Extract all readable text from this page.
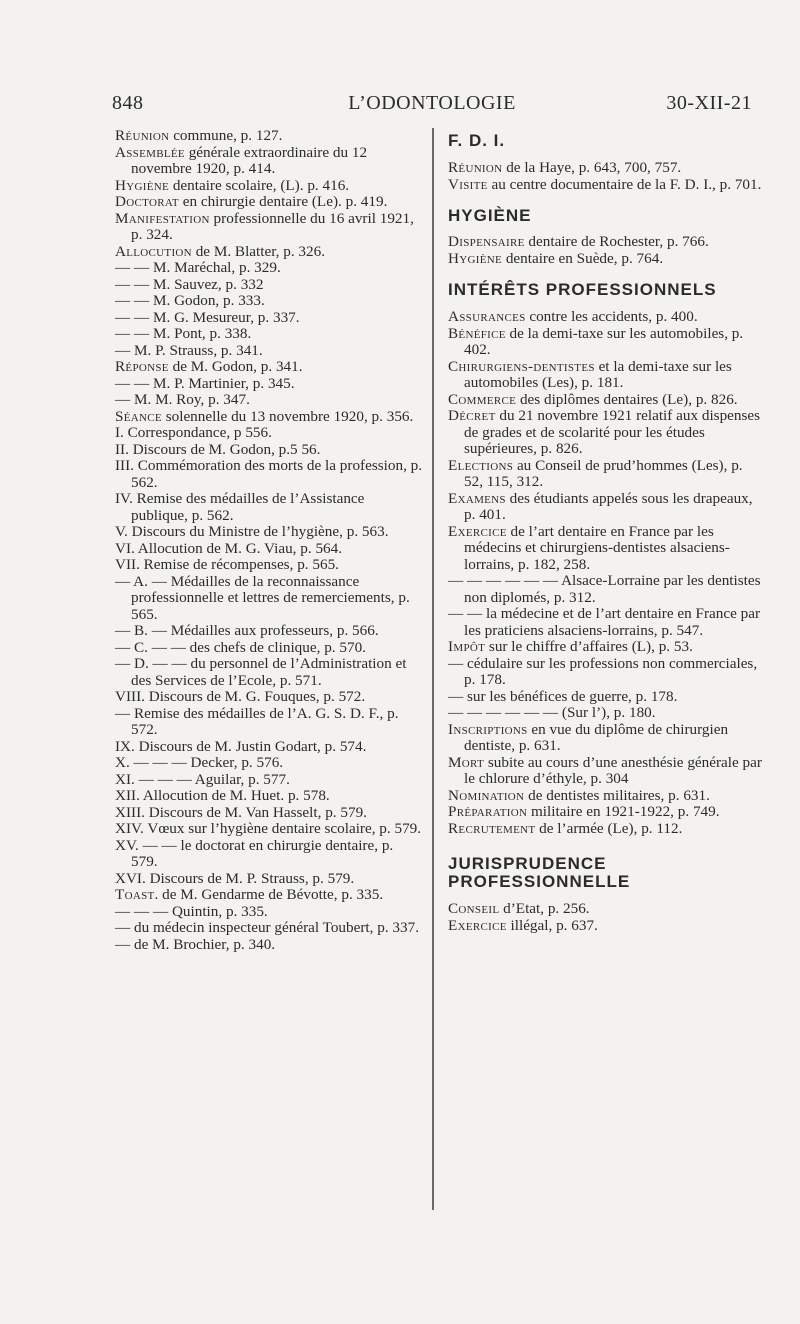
848	L’ODONTOLOGIE	30-XII-21

Réunion commune, p. 127.

Assemblée générale extraordinaire du 12 novembre 1920, p. 414.

Hygiène dentaire scolaire, (L). p. 416.

Doctorat en chirurgie dentaire (Le). p. 419.

Manifestation professionnelle du 16 avril 1921, p. 324.

Allocution de M. Blatter, p. 326.

— — M. Maréchal, p. 329.

— — M. Sauvez, p. 332

— — M. Godon, p. 333.

— — M. G. Mesureur, p. 337.

— — M. Pont, p. 338.

— M. P. Strauss, p. 341.

Réponse de M. Godon, p. 341.

— — M. P. Martinier, p. 345.

— M. M. Roy, p. 347.

Séance solennelle du 13 novembre 1920, p. 356.

I. Correspondance, p 556.

II. Discours de M. Godon, p.5 56.

III. Commémoration des morts de la profession, p. 562.

IV. Remise des médailles de l’Assistance publique, p. 562.

V. Discours du Ministre de l’hygiène, p. 563.

VI. Allocution de M. G. Viau, p. 564.

VII. Remise de récompenses, p. 565.

— A. — Médailles de la reconnaissance professionnelle et lettres de remerciements, p. 565.

— B. — Médailles aux professeurs, p. 566.

— C. — — des chefs de clinique, p. 570.

— D. — — du personnel de l’Administration et des Services de l’Ecole, p. 571.

VIII. Discours de M. G. Fouques, p. 572.

— Remise des médailles de l’A. G. S. D. F., p. 572.

IX. Discours de M. Justin Godart, p. 574.

X. — — — Decker, p. 576.

XI. — — — Aguilar, p. 577.

XII. Allocution de M. Huet. p. 578.

XIII. Discours de M. Van Hasselt, p. 579.

XIV. Vœux sur l’hygiène dentaire scolaire, p. 579.

XV. — — le doctorat en chirurgie dentaire, p. 579.

XVI. Discours de M. P. Strauss, p. 579.

Toast. de M. Gendarme de Bévotte, p. 335.

— — — Quintin, p. 335.

— du médecin inspecteur général Toubert, p. 337.

— de M. Brochier, p. 340.

F. D. I.

Réunion de la Haye, p. 643, 700, 757.

Visite au centre documentaire de la F. D. I., p. 701.

HYGIÈNE

Dispensaire dentaire de Rochester, p. 766.

Hygiène dentaire en Suède, p. 764.

INTÉRÊTS PROFESSIONNELS

Assurances contre les accidents, p. 400.

Bénéfice de la demi-taxe sur les automobiles, p. 402.

Chirurgiens-dentistes et la demi-taxe sur les automobiles (Les), p. 181.

Commerce des diplômes dentaires (Le), p. 826.

Décret du 21 novembre 1921 relatif aux dispenses de grades et de scolarité pour les études supérieures, p. 826.

Elections au Conseil de prud’hommes (Les), p. 52, 115, 312.

Examens des étudiants appelés sous les drapeaux, p. 401.

Exercice de l’art dentaire en France par les médecins et chirurgiens-dentistes alsaciens-lorrains, p. 182, 258.

— — — — — — Alsace-Lorraine par les dentistes non diplomés, p. 312.

— — la médecine et de l’art dentaire en France par les praticiens alsaciens-lorrains, p. 547.

Impôt sur le chiffre d’affaires (L), p. 53.

— cédulaire sur les professions non commerciales, p. 178.

— sur les bénéfices de guerre, p. 178.

— — — — — — (Sur l’), p. 180.

Inscriptions en vue du diplôme de chirurgien dentiste, p. 631.

Mort subite au cours d’une anesthésie générale par le chlorure d’éthyle, p. 304

Nomination de dentistes militaires, p. 631.

Préparation militaire en 1921-1922, p. 749.

Recrutement de l’armée (Le), p. 112.

JURISPRUDENCE PROFESSIONNELLE

Conseil d’Etat, p. 256.

Exercice illégal, p. 637.
